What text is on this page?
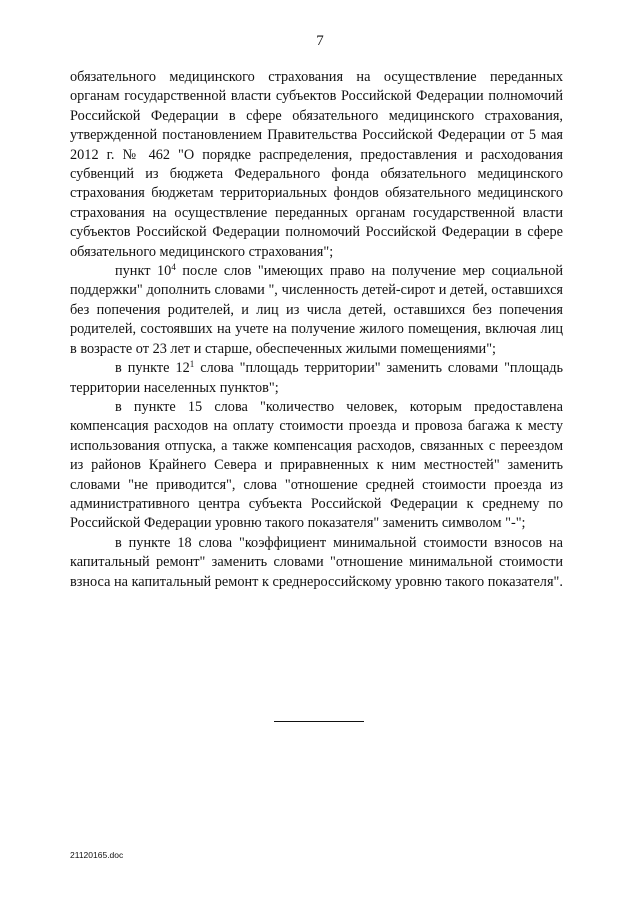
7

обязательного медицинского страхования на осуществление переданных органам государственной власти субъектов Российской Федерации полномочий Российской Федерации в сфере обязательного медицинского страхования, утвержденной постановлением Правительства Российской Федерации от 5 мая 2012 г. № 462 "О порядке распределения, предоставления и расходования субвенций из бюджета Федерального фонда обязательного медицинского страхования бюджетам территориальных фондов обязательного медицинского страхования на осуществление переданных органам государственной власти субъектов Российской Федерации полномочий Российской Федерации в сфере обязательного медицинского страхования";

пункт $10^4$ после слов "имеющих право на получение мер социальной поддержки" дополнить словами ", численность детей-сирот и детей, оставшихся без попечения родителей, и лиц из числа детей, оставшихся без попечения родителей, состоявших на учете на получение жилого помещения, включая лиц в возрасте от 23 лет и старше, обеспеченных жилыми помещениями";

в пункте $12^1$ слова "площадь территории" заменить словами "площадь территории населенных пунктов";

в пункте 15 слова "количество человек, которым предоставлена компенсация расходов на оплату стоимости проезда и провоза багажа к месту использования отпуска, а также компенсация расходов, связанных с переездом из районов Крайнего Севера и приравненных к ним местностей" заменить словами "не приводится", слова "отношение средней стоимости проезда из административного центра субъекта Российской Федерации к среднему по Российской Федерации уровню такого показателя" заменить символом "-";

в пункте 18 слова "коэффициент минимальной стоимости взносов на капитальный ремонт" заменить словами "отношение минимальной стоимости взноса на капитальный ремонт к среднероссийскому уровню такого показателя".

21120165.doc
